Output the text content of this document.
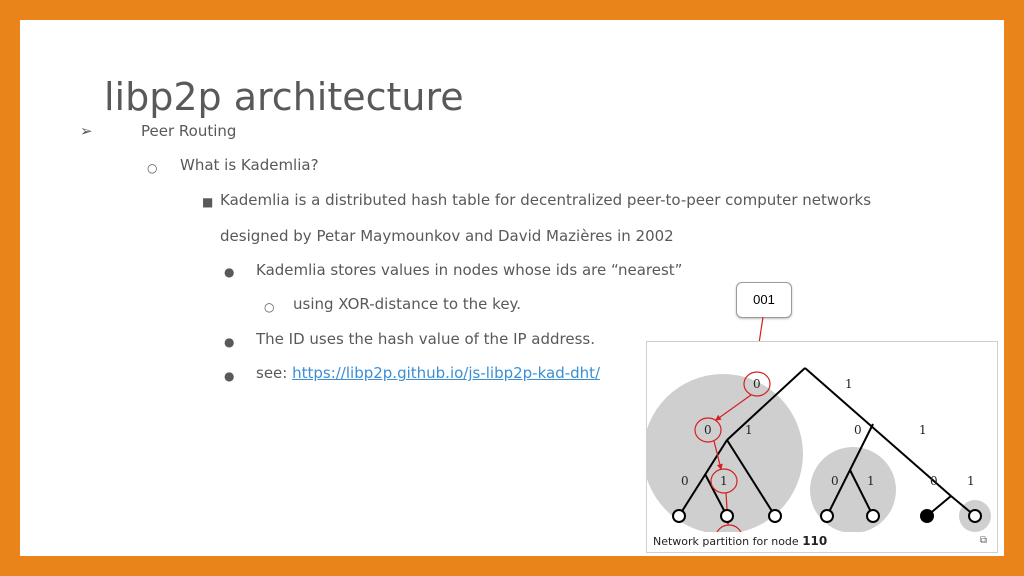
libp2p architecture
➢	Peer Routing
○ What is Kademlia?
■ Kademlia is a distributed hash table for decentralized peer-to-peer computer networks
designed by Petar Maymounkov and David Mazières in 2002
● Kademlia stores values in nodes whose ids are “nearest”
○ using XOR-distance to the key.
● The ID uses the hash value of the IP address.
● see: https://libp2p.github.io/js-libp2p-kad-dht/
001
0	1
0	1	0	1
0	1	0 1	0 1
Network partition for node 110	⧉
